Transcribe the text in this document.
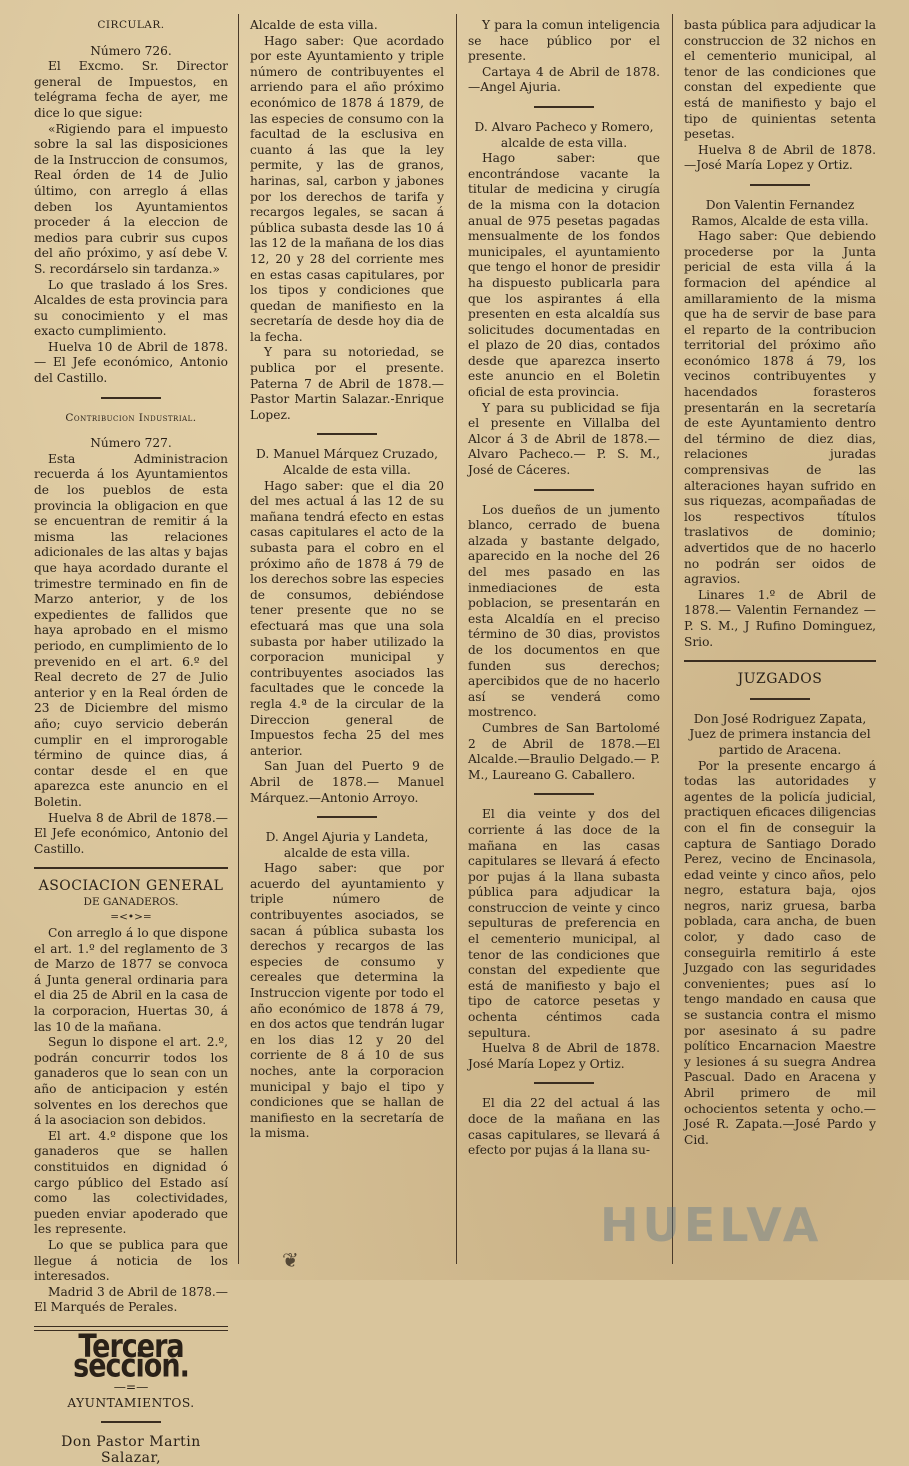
CIRCULAR.

Número 726.

El Excmo. Sr. Director general de Impuestos, en telégrama fecha de ayer, me dice lo que sigue:

«Rigiendo para el impuesto sobre la sal las disposiciones de la Instruccion de consumos, Real órden de 14 de Julio último, con arreglo á ellas deben los Ayuntamientos proceder á la eleccion de medios para cubrir sus cupos del año próximo, y así debe V. S. recordárselo sin tardanza.»

Lo que traslado á los Sres. Alcaldes de esta provincia para su conocimiento y el mas exacto cumplimiento.

Huelva 10 de Abril de 1878.— El Jefe económico, Antonio del Castillo.

Contribucion Industrial.

Número 727.

Esta Administracion recuerda á los Ayuntamientos de los pueblos de esta provincia la obligacion en que se encuentran de remitir á la misma las relaciones adicionales de las altas y bajas que haya acordado durante el trimestre terminado en fin de Marzo anterior, y de los expedientes de fallidos que haya aprobado en el mismo periodo, en cumplimiento de lo prevenido en el art. 6.º del Real decreto de 27 de Julio anterior y en la Real órden de 23 de Diciembre del mismo año; cuyo servicio deberán cumplir en el improrogable término de quince dias, á contar desde el en que aparezca este anuncio en el Boletin.

Huelva 8 de Abril de 1878.— El Jefe económico, Antonio del Castillo.

ASOCIACION GENERAL

DE GANADEROS.

=<•>=

Con arreglo á lo que dispone el art. 1.º del reglamento de 3 de Marzo de 1877 se convoca á Junta general ordinaria para el dia 25 de Abril en la casa de la corporacion, Huertas 30, á las 10 de la mañana.

Segun lo dispone el art. 2.º, podrán concurrir todos los ganaderos que lo sean con un año de anticipacion y estén solventes en los derechos que á la asociacion son debidos.

El art. 4.º dispone que los ganaderos que se hallen constituidos en dignidad ó cargo público del Estado así como las colectividades, pueden enviar apoderado que les represente.

Lo que se publica para que llegue á noticia de los interesados.

Madrid 3 de Abril de 1878.— El Marqués de Perales.

Tercera seccion.

—=—

AYUNTAMIENTOS.

Don Pastor Martin Salazar,

Alcalde de esta villa.

Hago saber: Que acordado por este Ayuntamiento y triple número de contribuyentes el arriendo para el año próximo económico de 1878 á 1879, de las especies de consumo con la facultad de la esclusiva en cuanto á las que la ley permite, y las de granos, harinas, sal, carbon y jabones por los derechos de tarifa y recargos legales, se sacan á pública subasta desde las 10 á las 12 de la mañana de los dias 12, 20 y 28 del corriente mes en estas casas capitulares, por los tipos y condiciones que quedan de manifiesto en la secretaría de desde hoy dia de la fecha.

Y para su notoriedad, se publica por el presente. Paterna 7 de Abril de 1878.— Pastor Martin Salazar.-Enrique Lopez.

D. Manuel Márquez Cruzado, Alcalde de esta villa.

Hago saber: que el dia 20 del mes actual á las 12 de su mañana tendrá efecto en estas casas capitulares el acto de la subasta para el cobro en el próximo año de 1878 á 79 de los derechos sobre las especies de consumos, debiéndose tener presente que no se efectuará mas que una sola subasta por haber utilizado la corporacion municipal y contribuyentes asociados las facultades que le concede la regla 4.ª de la circular de la Direccion general de Impuestos fecha 25 del mes anterior.

San Juan del Puerto 9 de Abril de 1878.— Manuel Márquez.—Antonio Arroyo.

D. Angel Ajuria y Landeta, alcalde de esta villa.

Hago saber: que por acuerdo del ayuntamiento y triple número de contribuyentes asociados, se sacan á pública subasta los derechos y recargos de las especies de consumo y cereales que determina la Instruccion vigente por todo el año económico de 1878 á 79, en dos actos que tendrán lugar en los dias 12 y 20 del corriente de 8 á 10 de sus noches, ante la corporacion municipal y bajo el tipo y condiciones que se hallan de manifiesto en la secretaría de la misma.

Y para la comun inteligencia se hace público por el presente.

Cartaya 4 de Abril de 1878. —Angel Ajuria.

D. Alvaro Pacheco y Romero, alcalde de esta villa.

Hago saber: que encontrándose vacante la titular de medicina y cirugía de la misma con la dotacion anual de 975 pesetas pagadas mensualmente de los fondos municipales, el ayuntamiento que tengo el honor de presidir ha dispuesto publicarla para que los aspirantes á ella presenten en esta alcaldía sus solicitudes documentadas en el plazo de 20 dias, contados desde que aparezca inserto este anuncio en el Boletin oficial de esta provincia.

Y para su publicidad se fija el presente en Villalba del Alcor á 3 de Abril de 1878.— Alvaro Pacheco.— P. S. M., José de Cáceres.

Los dueños de un jumento blanco, cerrado de buena alzada y bastante delgado, aparecido en la noche del 26 del mes pasado en las inmediaciones de esta poblacion, se presentarán en esta Alcaldía en el preciso término de 30 dias, provistos de los documentos en que funden sus derechos; apercibidos que de no hacerlo así se venderá como mostrenco.

Cumbres de San Bartolomé 2 de Abril de 1878.—El Alcalde.—Braulio Delgado.— P. M., Laureano G. Caballero.

El dia veinte y dos del corriente á las doce de la mañana en las casas capitulares se llevará á efecto por pujas á la llana subasta pública para adjudicar la construccion de veinte y cinco sepulturas de preferencia en el cementerio municipal, al tenor de las condiciones que constan del expediente que está de manifiesto y bajo el tipo de catorce pesetas y ochenta céntimos cada sepultura.

Huelva 8 de Abril de 1878. José María Lopez y Ortiz.

El dia 22 del actual á las doce de la mañana en las casas capitulares, se llevará á efecto por pujas á la llana su-

basta pública para adjudicar la construccion de 32 nichos en el cementerio municipal, al tenor de las condiciones que constan del expediente que está de manifiesto y bajo el tipo de quinientas setenta pesetas.

Huelva 8 de Abril de 1878. —José María Lopez y Ortiz.

Don Valentin Fernandez Ramos, Alcalde de esta villa.

Hago saber: Que debiendo procederse por la Junta pericial de esta villa á la formacion del apéndice al amillaramiento de la misma que ha de servir de base para el reparto de la contribucion territorial del próximo año económico 1878 á 79, los vecinos contribuyentes y hacendados forasteros presentarán en la secretaría de este Ayuntamiento dentro del término de diez dias, relaciones juradas comprensivas de las alteraciones hayan sufrido en sus riquezas, acompañadas de los respectivos títulos traslativos de dominio; advertidos que de no hacerlo no podrán ser oidos de agravios.

Linares 1.º de Abril de 1878.— Valentin Fernandez —P. S. M., J Rufino Dominguez, Srio.

JUZGADOS

Don José Rodriguez Zapata, Juez de primera instancia del partido de Aracena.

Por la presente encargo á todas las autoridades y agentes de la policía judicial, practiquen eficaces diligencias con el fin de conseguir la captura de Santiago Dorado Perez, vecino de Encinasola, edad veinte y cinco años, pelo negro, estatura baja, ojos negros, nariz gruesa, barba poblada, cara ancha, de buen color, y dado caso de conseguirla remitirlo á este Juzgado con las seguridades convenientes; pues así lo tengo mandado en causa que se sustancia contra el mismo por asesinato á su padre político Encarnacion Maestre y lesiones á su suegra Andrea Pascual. Dado en Aracena y Abril primero de mil ochocientos setenta y ocho.—José R. Zapata.—José Pardo y Cid.

HUELVA
❦
